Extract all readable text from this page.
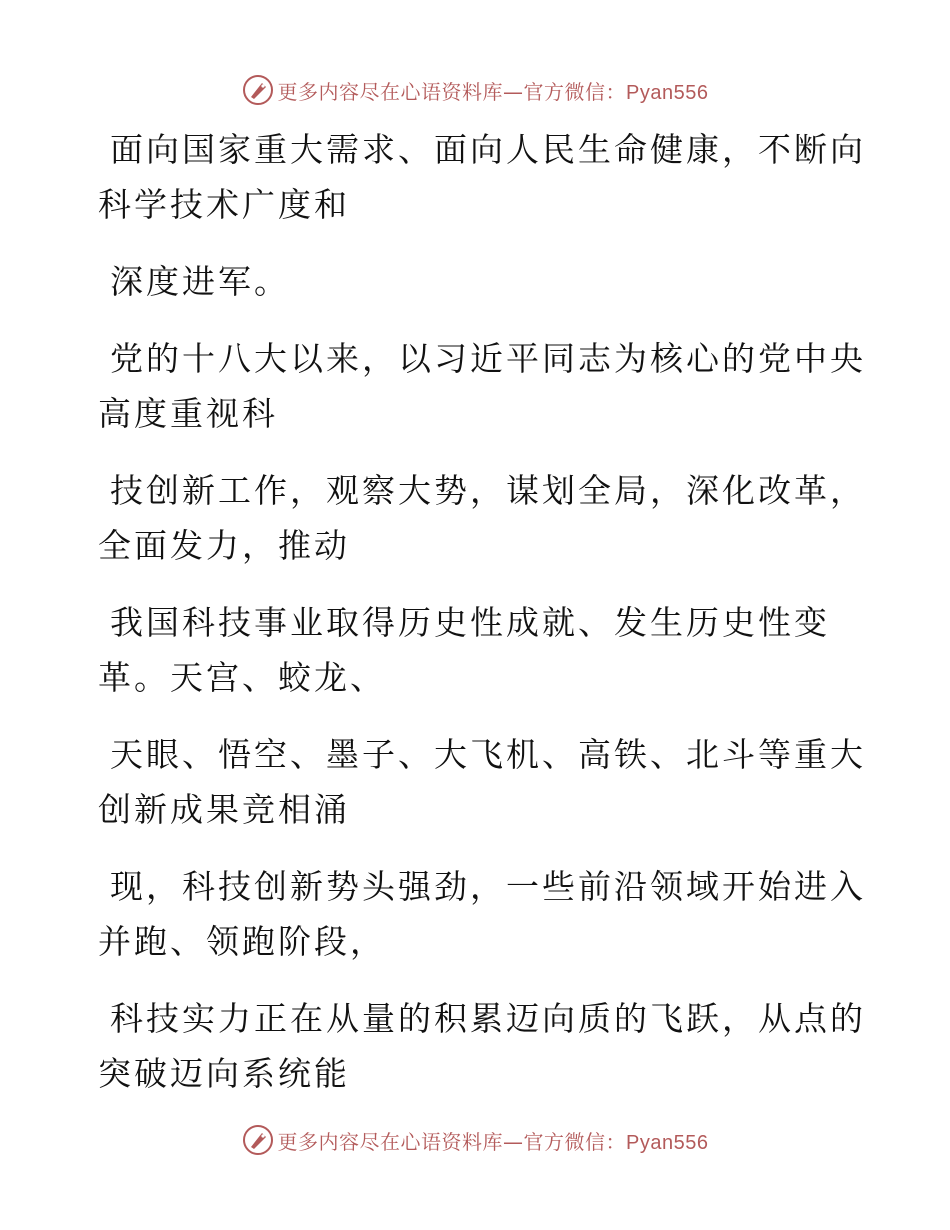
更多内容尽在心语资料库—官方微信：Pyan556

面向国家重大需求、面向人民生命健康，不断向
科学技术广度和

深度进军。

党的十八大以来，以习近平同志为核心的党中央
高度重视科

技创新工作，观察大势，谋划全局，深化改革，
全面发力，推动

我国科技事业取得历史性成就、发生历史性变
革。天宫、蛟龙、

天眼、悟空、墨子、大飞机、高铁、北斗等重大
创新成果竞相涌

现，科技创新势头强劲，一些前沿领域开始进入
并跑、领跑阶段，

科技实力正在从量的积累迈向质的飞跃，从点的
突破迈向系统能

更多内容尽在心语资料库—官方微信：Pyan556
